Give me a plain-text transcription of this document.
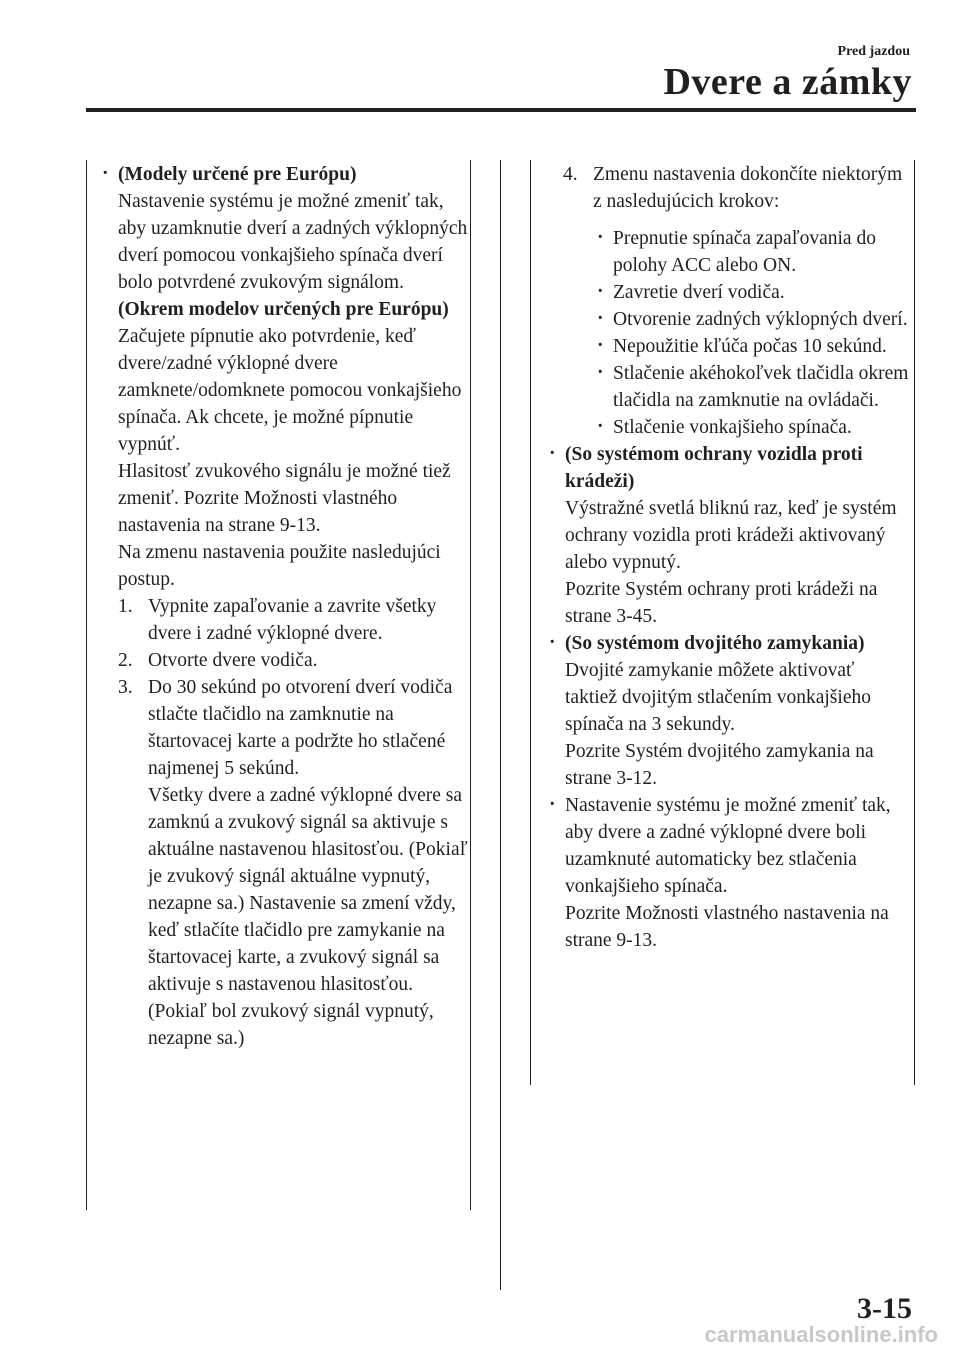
Pred jazdou
Dvere a zámky
· (Modely určené pre Európu)
Nastavenie systému je možné zmeniť tak, aby uzamknutie dverí a zadných výklopných dverí pomocou vonkajšieho spínača dverí bolo potvrdené zvukovým signálom.
(Okrem modelov určených pre Európu)
Začujete pípnutie ako potvrdenie, keď dvere/zadné výklopné dvere zamknete/odomknete pomocou vonkajšieho spínača. Ak chcete, je možné pípnutie vypnúť.
Hlasitosť zvukového signálu je možné tiež zmeniť. Pozrite Možnosti vlastného nastavenia na strane 9-13.
Na zmenu nastavenia použite nasledujúci postup.
1. Vypnite zapaľovanie a zavrite všetky dvere i zadné výklopné dvere.
2. Otvorte dvere vodiča.
3. Do 30 sekúnd po otvorení dverí vodiča stlačte tlačidlo na zamknutie na štartovacej karte a podržte ho stlačené najmenej 5 sekúnd.
Všetky dvere a zadné výklopné dvere sa zamknú a zvukový signál sa aktivuje s aktuálne nastavenou hlasitosťou. (Pokiaľ je zvukový signál aktuálne vypnutý, nezapne sa.) Nastavenie sa zmení vždy, keď stlačíte tlačidlo pre zamykanie na štartovacej karte, a zvukový signál sa aktivuje s nastavenou hlasitosťou. (Pokiaľ bol zvukový signál vypnutý, nezapne sa.)
4. Zmenu nastavenia dokončíte niektorým z nasledujúcich krokov:
· Prepnutie spínača zapaľovania do polohy ACC alebo ON.
· Zavretie dverí vodiča.
· Otvorenie zadných výklopných dverí.
· Nepoužitie kľúča počas 10 sekúnd.
· Stlačenie akéhokoľvek tlačidla okrem tlačidla na zamknutie na ovládači.
· Stlačenie vonkajšieho spínača.
· (So systémom ochrany vozidla proti krádeži)
Výstražné svetlá bliknú raz, keď je systém ochrany vozidla proti krádeži aktivovaný alebo vypnutý.
Pozrite Systém ochrany proti krádeži na strane 3-45.
· (So systémom dvojitého zamykania)
Dvojité zamykanie môžete aktivovať taktiež dvojitým stlačením vonkajšieho spínača na 3 sekundy.
Pozrite Systém dvojitého zamykania na strane 3-12.
· Nastavenie systému je možné zmeniť tak, aby dvere a zadné výklopné dvere boli uzamknuté automaticky bez stlačenia vonkajšieho spínača.
Pozrite Možnosti vlastného nastavenia na strane 9-13.
3-15
carmanualsonline.info
